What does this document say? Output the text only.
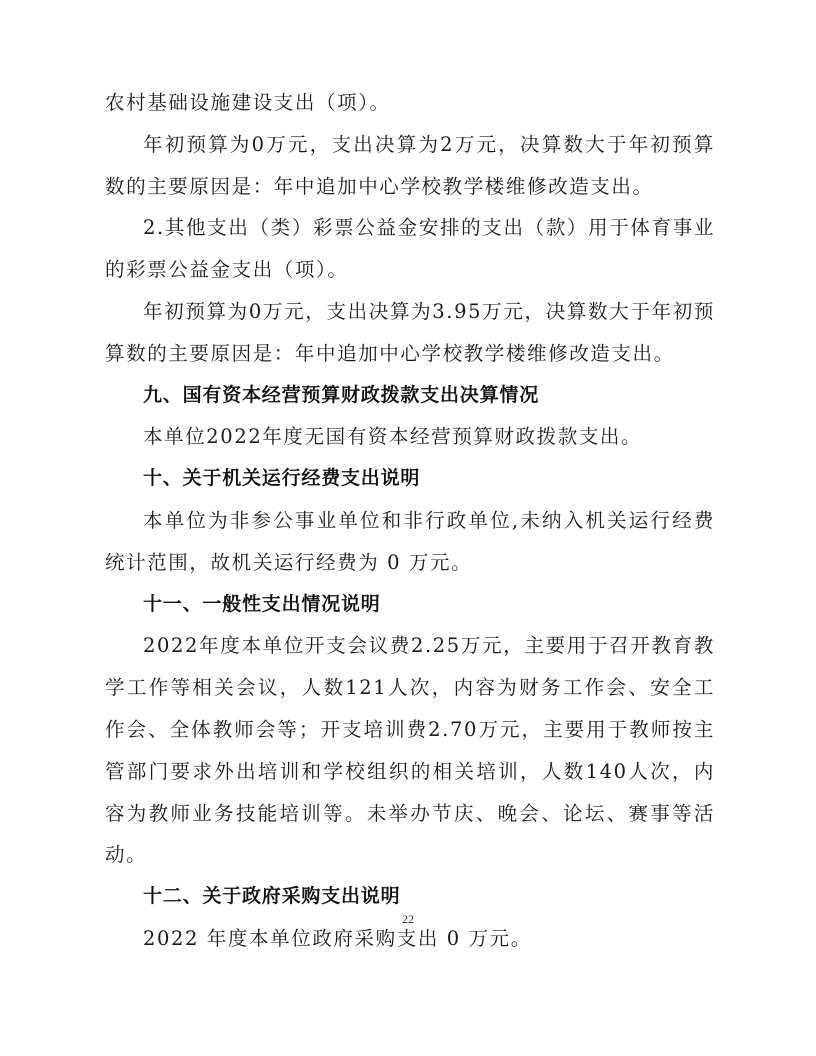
农村基础设施建设支出（项）。

年初预算为0万元，支出决算为2万元，决算数大于年初预算数的主要原因是：年中追加中心学校教学楼维修改造支出。

2.其他支出（类）彩票公益金安排的支出（款）用于体育事业的彩票公益金支出（项）。

年初预算为0万元，支出决算为3.95万元，决算数大于年初预算数的主要原因是：年中追加中心学校教学楼维修改造支出。

九、国有资本经营预算财政拨款支出决算情况

本单位2022年度无国有资本经营预算财政拨款支出。

十、关于机关运行经费支出说明

本单位为非参公事业单位和非行政单位,未纳入机关运行经费统计范围，故机关运行经费为 0 万元。

十一、一般性支出情况说明

2022年度本单位开支会议费2.25万元，主要用于召开教育教学工作等相关会议，人数121人次，内容为财务工作会、安全工作会、全体教师会等；开支培训费2.70万元，主要用于教师按主管部门要求外出培训和学校组织的相关培训，人数140人次，内容为教师业务技能培训等。未举办节庆、晚会、论坛、赛事等活动。

十二、关于政府采购支出说明

2022 年度本单位政府采购支出 0 万元。

22
